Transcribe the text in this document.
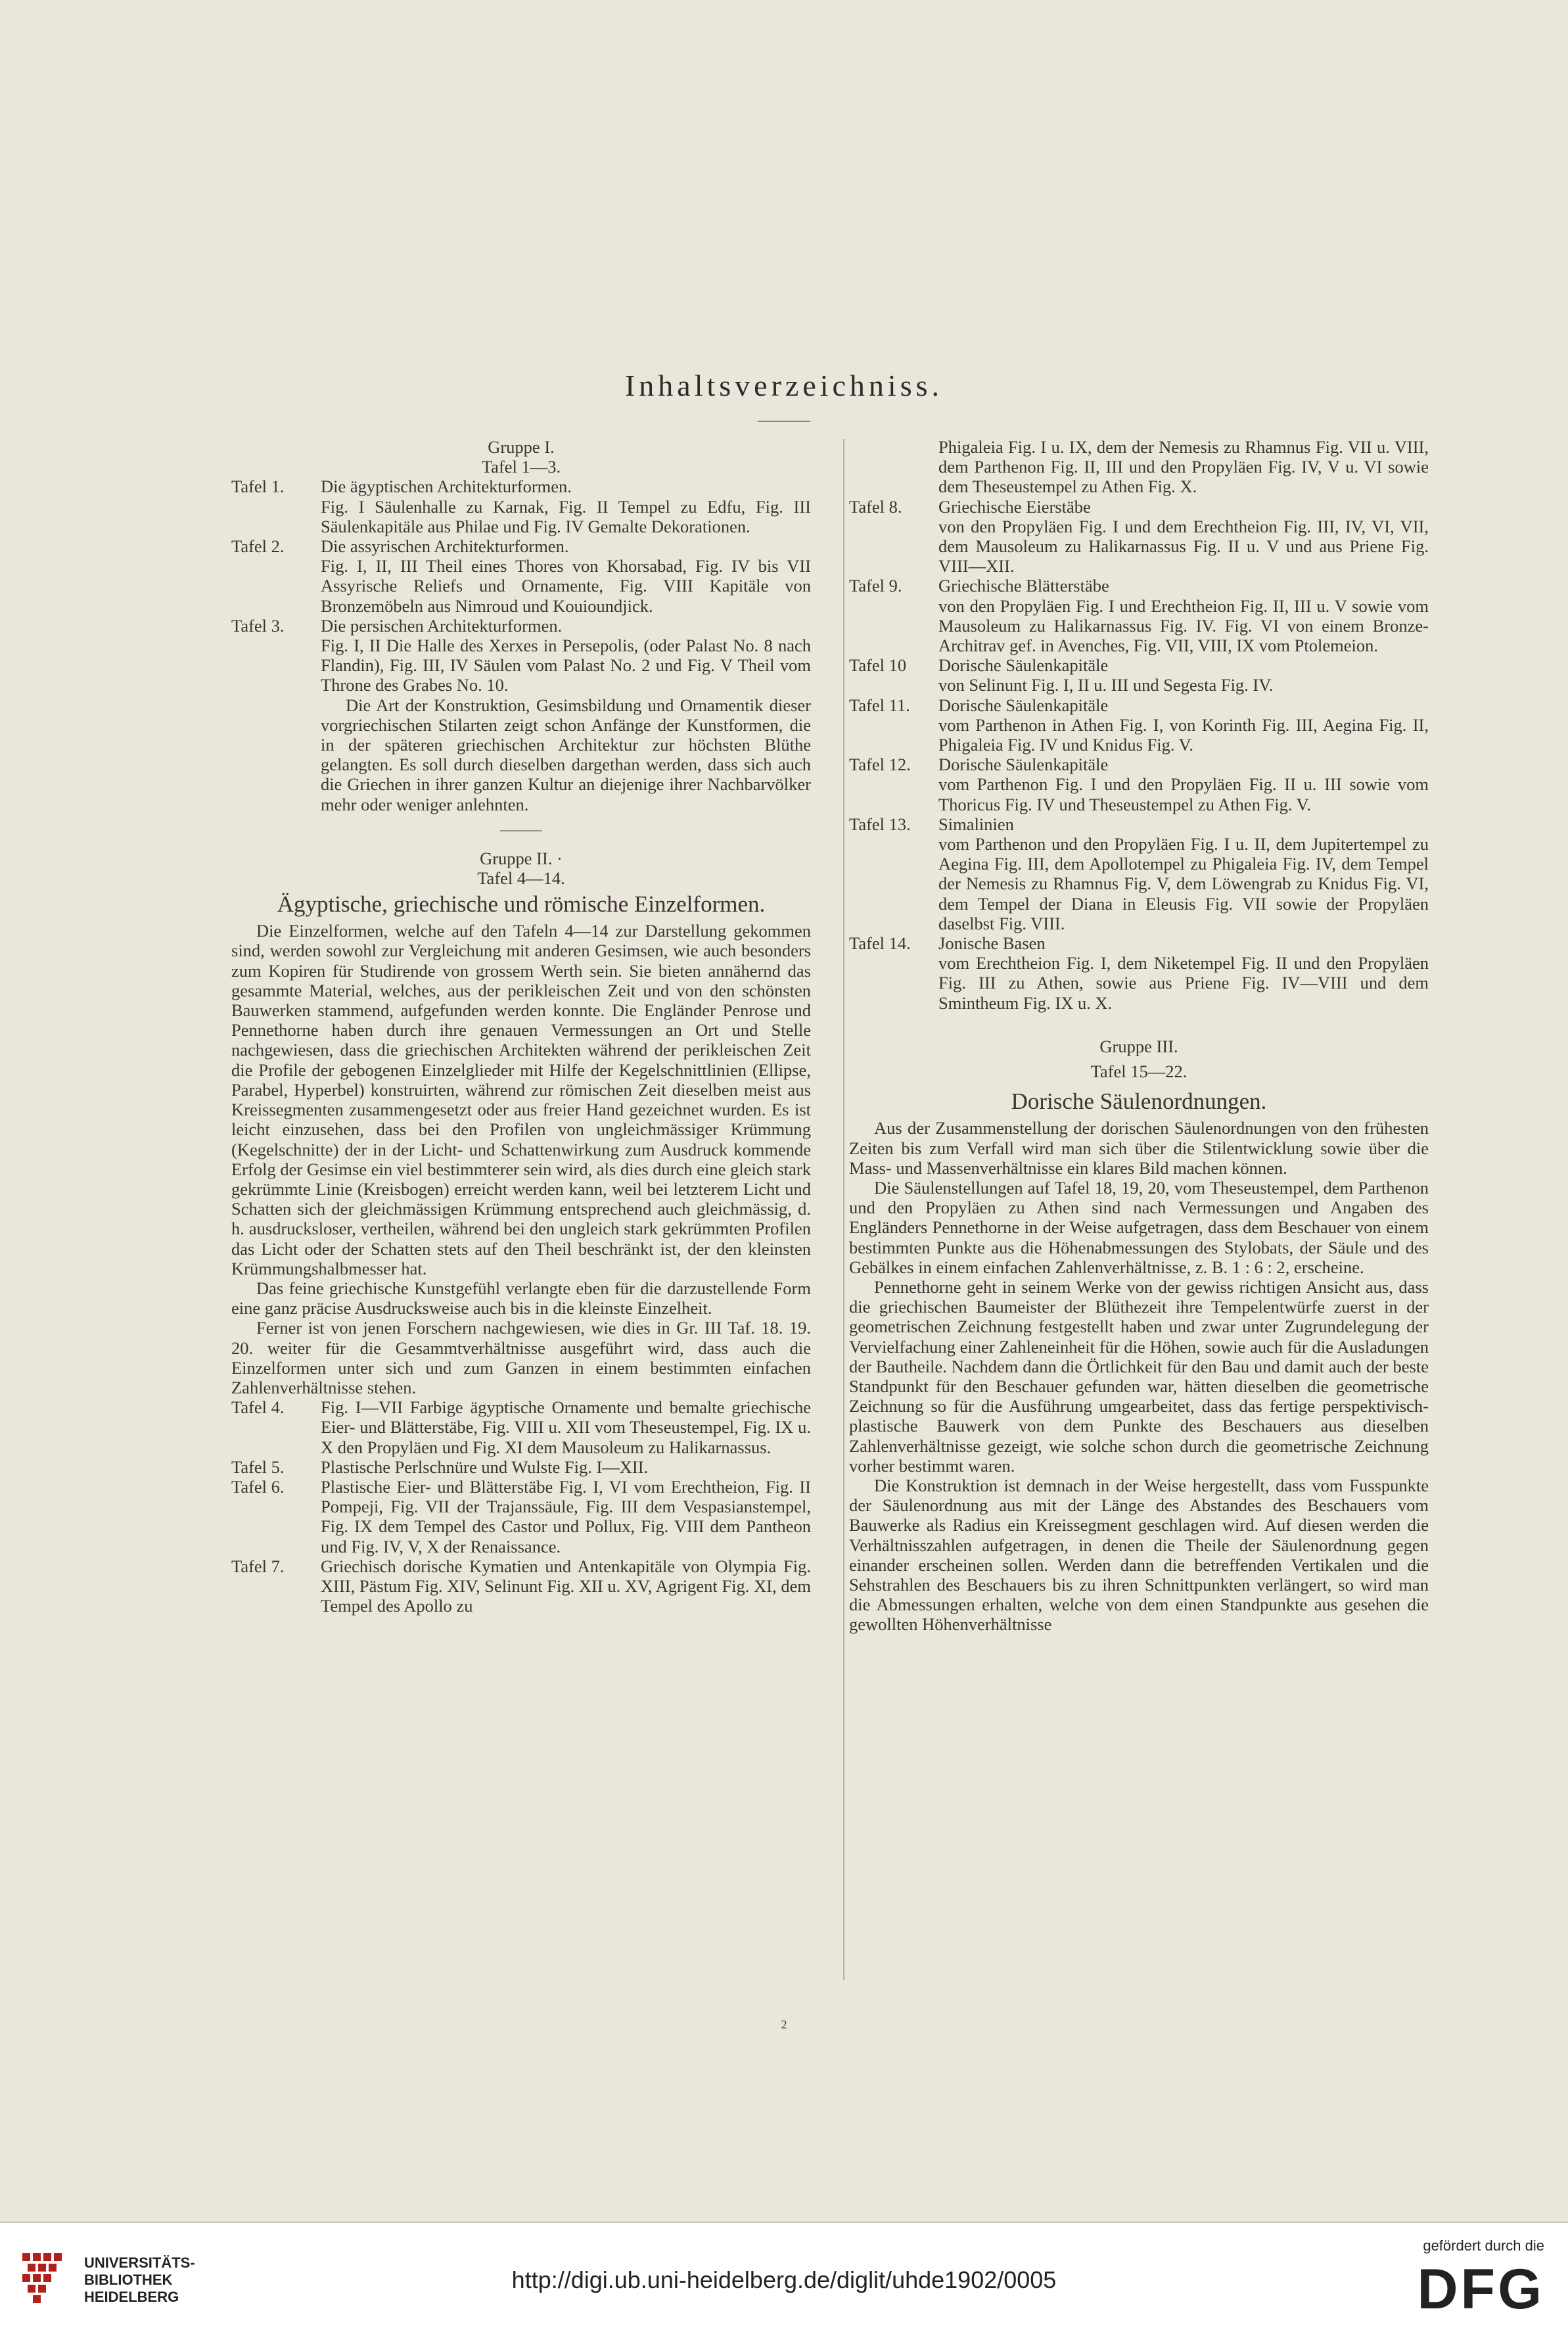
Inhaltsverzeichniss.
Gruppe I.
Tafel 1—3.
Tafel 1.	Die ägyptischen Architekturformen.
Fig. I Säulenhalle zu Karnak, Fig. II Tempel zu Edfu, Fig. III Säulenkapitäle aus Philae und Fig. IV Gemalte Dekorationen.
Tafel 2.	Die assyrischen Architekturformen.
Fig. I, II, III Theil eines Thores von Khorsabad, Fig. IV bis VII Assyrische Reliefs und Ornamente, Fig. VIII Kapitäle von Bronzemöbeln aus Nimroud und Kouioundjick.
Tafel 3.	Die persischen Architekturformen.
Fig. I, II Die Halle des Xerxes in Persepolis, (oder Palast No. 8 nach Flandin), Fig. III, IV Säulen vom Palast No. 2 und Fig. V Theil vom Throne des Grabes No. 10.

Die Art der Konstruktion, Gesimsbildung und Ornamentik dieser vorgriechischen Stilarten zeigt schon Anfänge der Kunstformen, die in der späteren griechischen Architektur zur höchsten Blüthe gelangten. Es soll durch dieselben dargethan werden, dass sich auch die Griechen in ihrer ganzen Kultur an diejenige ihrer Nachbarvölker mehr oder weniger anlehnten.

Gruppe II. ·
Tafel 4—14.
Ägyptische, griechische und römische Einzelformen.

Die Einzelformen, welche auf den Tafeln 4—14 zur Darstellung gekommen sind, werden sowohl zur Vergleichung mit anderen Gesimsen, wie auch besonders zum Kopiren für Studirende von grossem Werth sein. Sie bieten annähernd das gesammte Material, welches, aus der perikleischen Zeit und von den schönsten Bauwerken stammend, aufgefunden werden konnte. Die Engländer Penrose und Pennethorne haben durch ihre genauen Vermessungen an Ort und Stelle nachgewiesen, dass die griechischen Architekten während der perikleischen Zeit die Profile der gebogenen Einzelglieder mit Hilfe der Kegelschnittlinien (Ellipse, Parabel, Hyperbel) konstruirten, während zur römischen Zeit dieselben meist aus Kreissegmenten zusammengesetzt oder aus freier Hand gezeichnet wurden. Es ist leicht einzusehen, dass bei den Profilen von ungleichmässiger Krümmung (Kegelschnitte) der in der Licht- und Schattenwirkung zum Ausdruck kommende Erfolg der Gesimse ein viel bestimmterer sein wird, als dies durch eine gleich stark gekrümmte Linie (Kreisbogen) erreicht werden kann, weil bei letzterem Licht und Schatten sich der gleichmässigen Krümmung entsprechend auch gleichmässig, d. h. ausdrucksloser, vertheilen, während bei den ungleich stark gekrümmten Profilen das Licht oder der Schatten stets auf den Theil beschränkt ist, der den kleinsten Krümmungshalbmesser hat.

Das feine griechische Kunstgefühl verlangte eben für die darzustellende Form eine ganz präcise Ausdrucksweise auch bis in die kleinste Einzelheit.

Ferner ist von jenen Forschern nachgewiesen, wie dies in Gr. III Taf. 18. 19. 20. weiter für die Gesammtverhältnisse ausgeführt wird, dass auch die Einzelformen unter sich und zum Ganzen in einem bestimmten einfachen Zahlenverhältnisse stehen.

Tafel 4.	Fig. I—VII Farbige ägyptische Ornamente und bemalte griechische Eier- und Blätterstäbe, Fig. VIII u. XII vom Theseustempel, Fig. IX u. X den Propyläen und Fig. XI dem Mausoleum zu Halikarnassus.
Tafel 5.	Plastische Perlschnüre und Wulste Fig. I—XII.
Tafel 6.	Plastische Eier- und Blätterstäbe Fig. I, VI vom Erechtheion, Fig. II Pompeji, Fig. VII der Trajanssäule, Fig. III dem Vespasianstempel, Fig. IX dem Tempel des Castor und Pollux, Fig. VIII dem Pantheon und Fig. IV, V, X der Renaissance.
Tafel 7.	Griechisch dorische Kymatien und Antenkapitäle von Olympia Fig. XIII, Pästum Fig. XIV, Selinunt Fig. XII u. XV, Agrigent Fig. XI, dem Tempel des Apollo zu
Phigaleia Fig. I u. IX, dem der Nemesis zu Rhamnus Fig. VII u. VIII, dem Parthenon Fig. II, III und den Propyläen Fig. IV, V u. VI sowie dem Theseustempel zu Athen Fig. X.
Tafel 8.	Griechische Eierstäbe
von den Propyläen Fig. I und dem Erechtheion Fig. III, IV, VI, VII, dem Mausoleum zu Halikarnassus Fig. II u. V und aus Priene Fig. VIII—XII.
Tafel 9.	Griechische Blätterstäbe
von den Propyläen Fig. I und Erechtheion Fig. II, III u. V sowie vom Mausoleum zu Halikarnassus Fig. IV. Fig. VI von einem Bronze-Architrav gef. in Avenches, Fig. VII, VIII, IX vom Ptolemeion.
Tafel 10	Dorische Säulenkapitäle
von Selinunt Fig. I, II u. III und Segesta Fig. IV.
Tafel 11.	Dorische Säulenkapitäle
vom Parthenon in Athen Fig. I, von Korinth Fig. III, Aegina Fig. II, Phigaleia Fig. IV und Knidus Fig. V.
Tafel 12.	Dorische Säulenkapitäle
vom Parthenon Fig. I und den Propyläen Fig. II u. III sowie vom Thoricus Fig. IV und Theseustempel zu Athen Fig. V.
Tafel 13.	Simalinien
vom Parthenon und den Propyläen Fig. I u. II, dem Jupitertempel zu Aegina Fig. III, dem Apollotempel zu Phigaleia Fig. IV, dem Tempel der Nemesis zu Rhamnus Fig. V, dem Löwengrab zu Knidus Fig. VI, dem Tempel der Diana in Eleusis Fig. VII sowie der Propyläen daselbst Fig. VIII.
Tafel 14.	Jonische Basen
vom Erechtheion Fig. I, dem Niketempel Fig. II und den Propyläen Fig. III zu Athen, sowie aus Priene Fig. IV—VIII und dem Smintheum Fig. IX u. X.
Gruppe III.
Tafel 15—22.
Dorische Säulenordnungen.

Aus der Zusammenstellung der dorischen Säulenordnungen von den frühesten Zeiten bis zum Verfall wird man sich über die Stilentwicklung sowie über die Mass- und Massenverhältnisse ein klares Bild machen können.

Die Säulenstellungen auf Tafel 18, 19, 20, vom Theseustempel, dem Parthenon und den Propyläen zu Athen sind nach Vermessungen und Angaben des Engländers Pennethorne in der Weise aufgetragen, dass dem Beschauer von einem bestimmten Punkte aus die Höhenabmessungen des Stylobats, der Säule und des Gebälkes in einem einfachen Zahlenverhältnisse, z. B. 1 : 6 : 2, erscheine.

Pennethorne geht in seinem Werke von der gewiss richtigen Ansicht aus, dass die griechischen Baumeister der Blüthezeit ihre Tempelentwürfe zuerst in der geometrischen Zeichnung festgestellt haben und zwar unter Zugrundelegung der Vervielfachung einer Zahleneinheit für die Höhen, sowie auch für die Ausladungen der Bautheile. Nachdem dann die Örtlichkeit für den Bau und damit auch der beste Standpunkt für den Beschauer gefunden war, hätten dieselben die geometrische Zeichnung so für die Ausführung umgearbeitet, dass das fertige perspektivisch-plastische Bauwerk von dem Punkte des Beschauers aus dieselben Zahlenverhältnisse gezeigt, wie solche schon durch die geometrische Zeichnung vorher bestimmt waren.

Die Konstruktion ist demnach in der Weise hergestellt, dass vom Fusspunkte der Säulenordnung aus mit der Länge des Abstandes des Beschauers vom Bauwerke als Radius ein Kreissegment geschlagen wird. Auf diesen werden die Verhältnisszahlen aufgetragen, in denen die Theile der Säulenordnung gegen einander erscheinen sollen. Werden dann die betreffenden Vertikalen und die Sehstrahlen des Beschauers bis zu ihren Schnittpunkten verlängert, so wird man die Abmessungen erhalten, welche von dem einen Standpunkte aus gesehen die gewollten Höhenverhältnisse

2
UNIVERSITÄTS-
BIBLIOTHEK
HEIDELBERG
http://digi.ub.uni-heidelberg.de/diglit/uhde1902/0005
gefördert durch die
DFG
